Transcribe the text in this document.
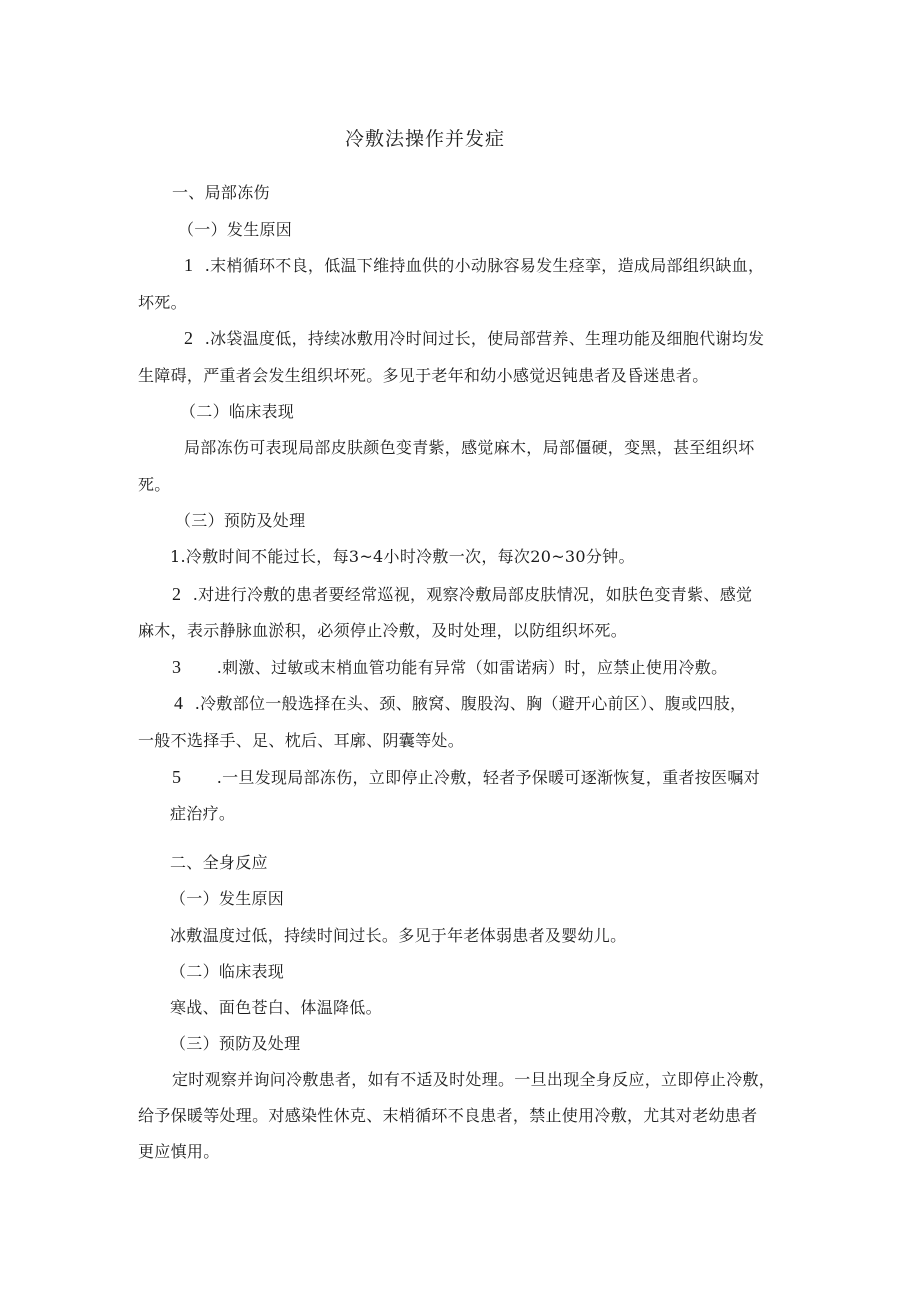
冷敷法操作并发症
一、局部冻伤
（一）发生原因
1 .末梢循环不良，低温下维持血供的小动脉容易发生痉挛，造成局部组织缺血，
坏死。
2 .冰袋温度低，持续冰敷用冷时间过长，使局部营养、生理功能及细胞代谢均发
生障碍，严重者会发生组织坏死。多见于老年和幼小感觉迟钝患者及昏迷患者。
（二）临床表现
局部冻伤可表现局部皮肤颜色变青紫，感觉麻木，局部僵硬，变黑，甚至组织坏
死。
（三）预防及处理
1.冷敷时间不能过长，每3~4小时冷敷一次，每次20~30分钟。
2 .对进行冷敷的患者要经常巡视，观察冷敷局部皮肤情况，如肤色变青紫、感觉
麻木，表示静脉血淤积，必须停止冷敷，及时处理，以防组织坏死。
3 .刺激、过敏或末梢血管功能有异常（如雷诺病）时，应禁止使用冷敷。
4 .冷敷部位一般选择在头、颈、腋窝、腹股沟、胸（避开心前区）、腹或四肢，
一般不选择手、足、枕后、耳廓、阴囊等处。
5 .一旦发现局部冻伤，立即停止冷敷，轻者予保暖可逐渐恢复，重者按医嘱对
症治疗。
二、全身反应
（一）发生原因
冰敷温度过低，持续时间过长。多见于年老体弱患者及婴幼儿。
（二）临床表现
寒战、面色苍白、体温降低。
（三）预防及处理
定时观察并询问冷敷患者，如有不适及时处理。一旦出现全身反应，立即停止冷敷，
给予保暖等处理。对感染性休克、末梢循环不良患者，禁止使用冷敷，尤其对老幼患者
更应慎用。
